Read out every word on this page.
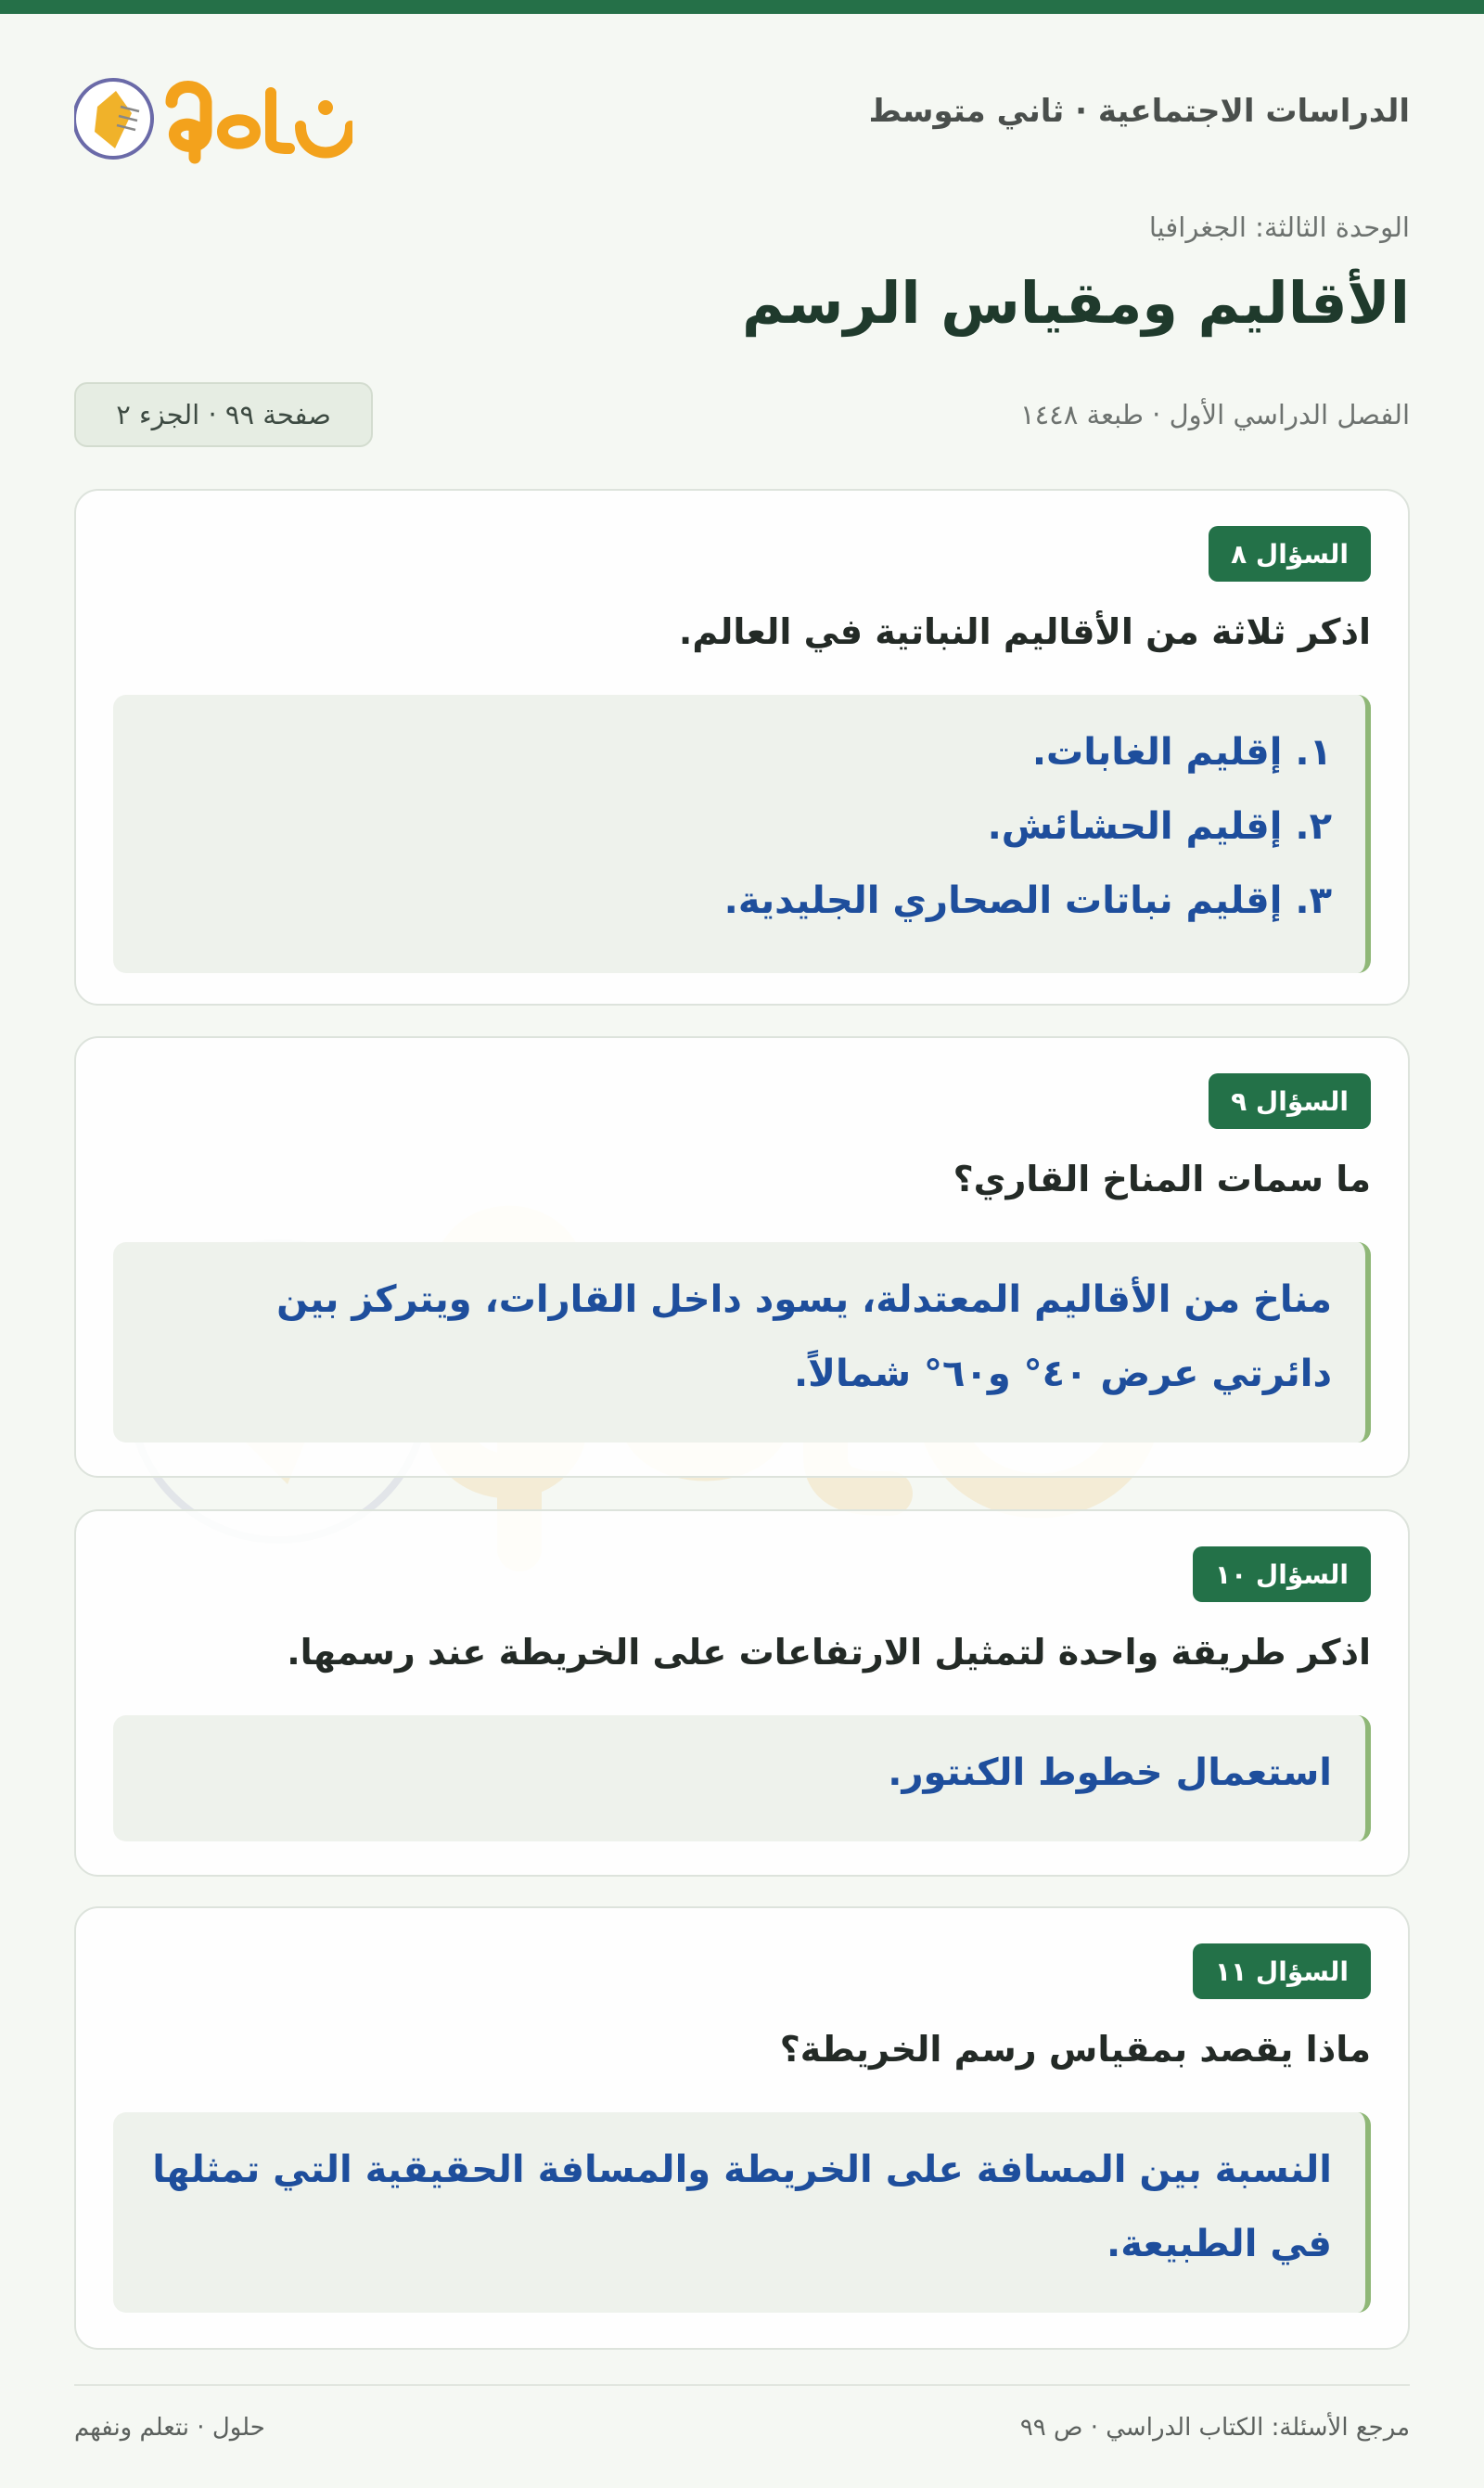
الدراسات الاجتماعية · ثاني متوسط
الوحدة الثالثة: الجغرافيا
الأقاليم ومقياس الرسم
الفصل الدراسي الأول · طبعة ١٤٤٨
صفحة ٩٩ · الجزء ٢
السؤال ٨
اذكر ثلاثة من الأقاليم النباتية في العالم.
١. إقليم الغابات.
٢. إقليم الحشائش.
٣. إقليم نباتات الصحاري الجليدية.
السؤال ٩
ما سمات المناخ القاري؟
مناخ من الأقاليم المعتدلة، يسود داخل القارات، ويتركز بين دائرتي عرض ٤٠° و٦٠° شمالاً.
السؤال ١٠
اذكر طريقة واحدة لتمثيل الارتفاعات على الخريطة عند رسمها.
استعمال خطوط الكنتور.
السؤال ١١
ماذا يقصد بمقياس رسم الخريطة؟
النسبة بين المسافة على الخريطة والمسافة الحقيقية التي تمثلها في الطبيعة.
مرجع الأسئلة: الكتاب الدراسي · ص ٩٩
حلول · نتعلم ونفهم
